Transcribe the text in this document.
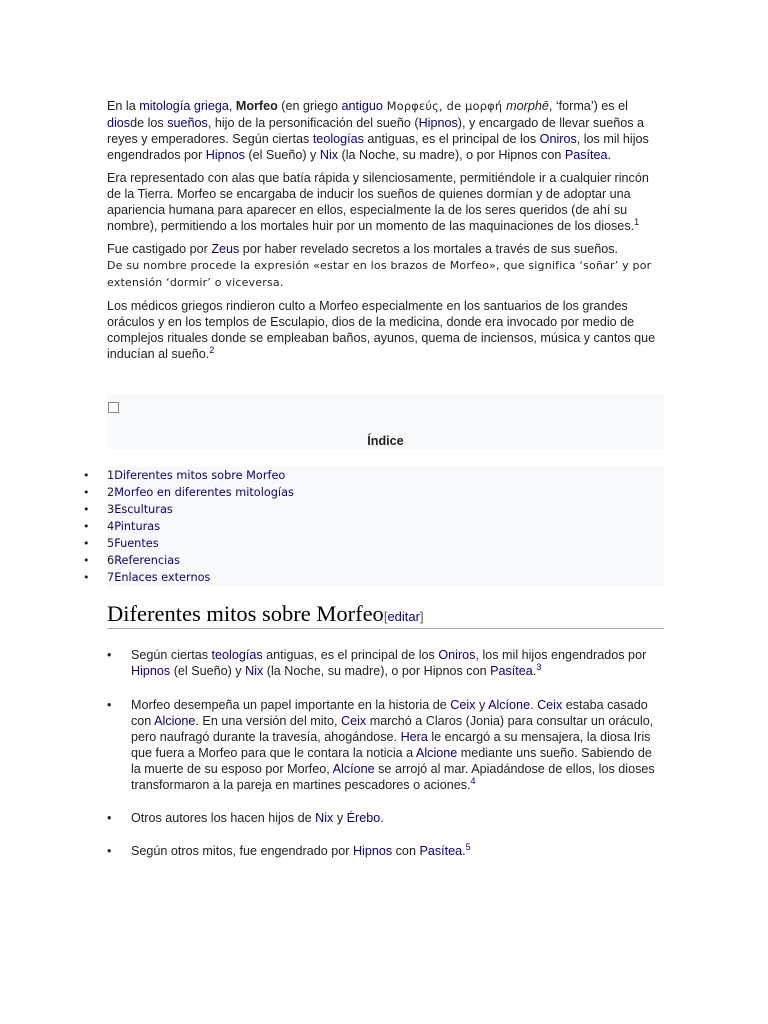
En la mitología griega, Morfeo (en griego antiguo Μορφεύς, de μορφή morphē, ‘forma’) es el diosde los sueños, hijo de la personificación del sueño (Hipnos), y encargado de llevar sueños a reyes y emperadores. Según ciertas teologías antiguas, es el principal de los Oniros, los mil hijos engendrados por Hipnos (el Sueño) y Nix (la Noche, su madre), o por Hipnos con Pasítea.

Era representado con alas que batía rápida y silenciosamente, permitiéndole ir a cualquier rincón de la Tierra. Morfeo se encargaba de inducir los sueños de quienes dormían y de adoptar una apariencia humana para aparecer en ellos, especialmente la de los seres queridos (de ahí su nombre), permitiendo a los mortales huir por un momento de las maquinaciones de los dioses.$^1$

Fue castigado por Zeus por haber revelado secretos a los mortales a través de sus sueños.
De su nombre procede la expresión «estar en los brazos de Morfeo», que significa ‘soñar’ y por extensión ‘dormir’ o viceversa.

Los médicos griegos rindieron culto a Morfeo especialmente en los santuarios de los grandes oráculos y en los templos de Esculapio, dios de la medicina, donde era invocado por medio de complejos rituales donde se empleaban baños, ayunos, quema de inciensos, música y cantos que inducían al sueño.$^2$

Índice
• 1Diferentes mitos sobre Morfeo
• 2Morfeo en diferentes mitologías
• 3Esculturas
• 4Pinturas
• 5Fuentes
• 6Referencias
• 7Enlaces externos
Diferentes mitos sobre Morfeo[editar]
• Según ciertas teologías antiguas, es el principal de los Oniros, los mil hijos engendrados por Hipnos (el Sueño) y Nix (la Noche, su madre), o por Hipnos con Pasítea.$^3$
• Morfeo desempeña un papel importante en la historia de Ceix y Alcíone. Ceix estaba casado con Alcione. En una versión del mito, Ceix marchó a Claros (Jonia) para consultar un oráculo, pero naufragó durante la travesía, ahogándose. Hera le encargó a su mensajera, la diosa Iris que fuera a Morfeo para que le contara la noticia a Alcione mediante uns sueño. Sabiendo de la muerte de su esposo por Morfeo, Alcíone se arrojó al mar. Apiadándose de ellos, los dioses transformaron a la pareja en martines pescadores o aciones.$^4$
• Otros autores los hacen hijos de Nix y Érebo.
• Según otros mitos, fue engendrado por Hipnos con Pasítea.$^5$
